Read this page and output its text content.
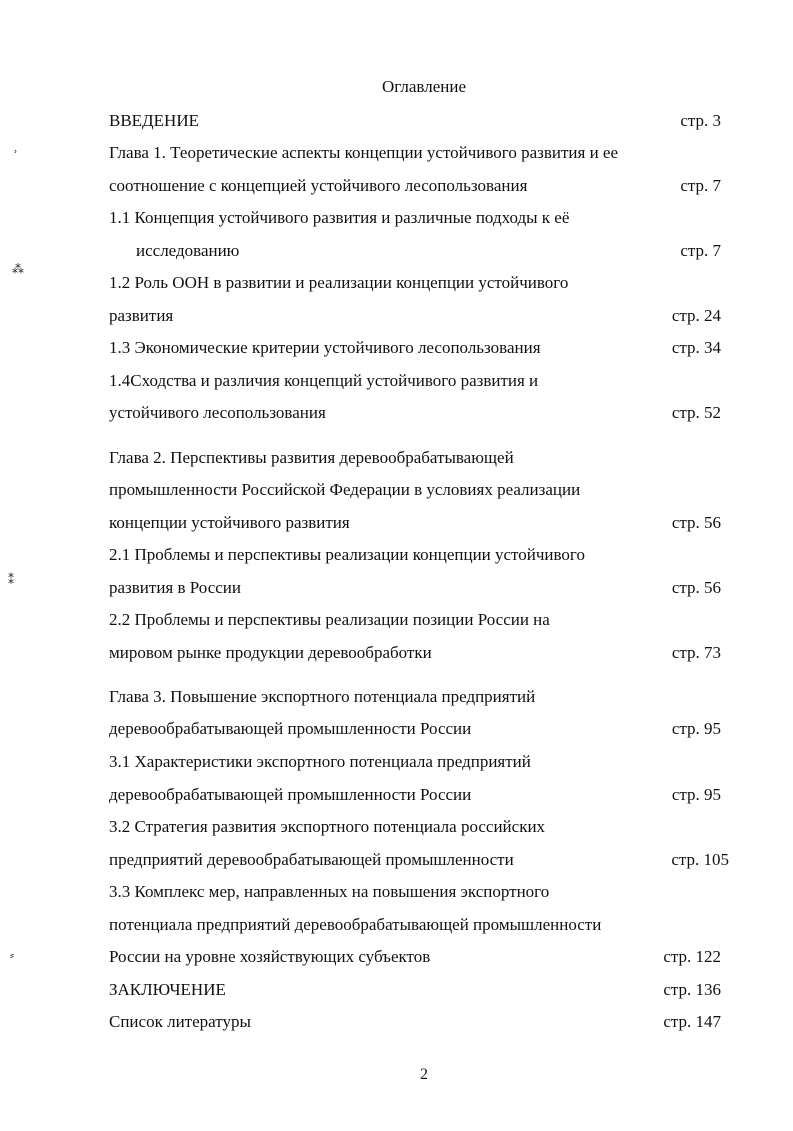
Оглавление
ВВЕДЕНИЕ	стр. 3
Глава 1. Теоретические аспекты концепции устойчивого развития и ее
соотношение с концепцией устойчивого лесопользования	стр. 7
1.1 Концепция устойчивого развития и различные подходы к её
исследованию	стр. 7
1.2 Роль ООН в развитии и реализации концепции устойчивого
развития	стр. 24
1.3 Экономические критерии устойчивого лесопользования	стр. 34
1.4Сходства и различия концепций устойчивого развития и
устойчивого лесопользования	стр. 52
Глава 2. Перспективы развития деревообрабатывающей
промышленности Российской Федерации в условиях реализации
концепции устойчивого развития	стр. 56
2.1 Проблемы и перспективы реализации концепции устойчивого
развития в России	стр. 56
2.2 Проблемы и перспективы реализации позиции России на
мировом рынке продукции деревообработки	стр. 73
Глава 3. Повышение экспортного потенциала предприятий
деревообрабатывающей промышленности России	стр. 95
3.1 Характеристики экспортного потенциала предприятий
деревообрабатывающей промышленности России	стр. 95
3.2 Стратегия развития экспортного потенциала российских
предприятий деревообрабатывающей промышленности	стр. 105
3.3 Комплекс мер, направленных на повышения экспортного
потенциала предприятий деревообрабатывающей промышленности
России на уровне хозяйствующих субъектов	стр. 122
ЗАКЛЮЧЕНИЕ	стр. 136
Список литературы	стр. 147
2
˒
⁂
⁑
⸗
